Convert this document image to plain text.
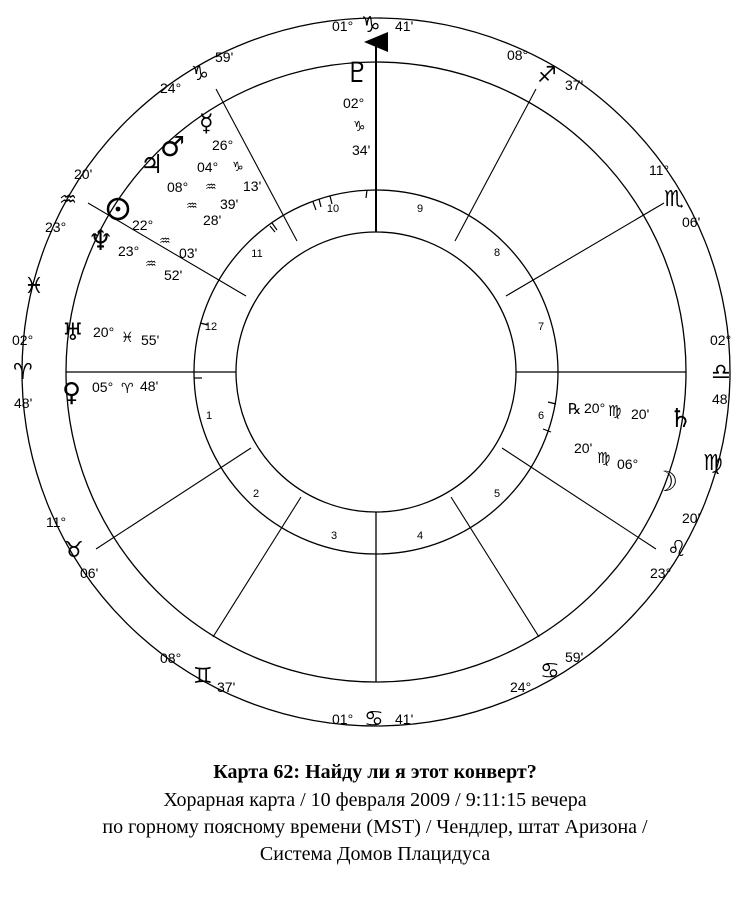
1
2
3	4
5
6
7
8
9
10
11
12
01° ♑ 41'
08°
♐ 37'
11°
♏
06'
02°
♎
48'
20'
♌
23°
♍
59'
♋
24°
01° ♋ 41'
08°
♊ 37'
11°
♉
06'
02°
♈
48'
♓
20'
♒
23°
59'
♑
24°	♇
02°
♑
34'
☿
26°
♑
13'
♂
04°
♒
39'
♃
08°
♒
28'
22°
♒
03'
♆ 23°
♒
52'
♅ 20° ♓ 55'
♀ 05° ♈ 48'
℞ 20° ♍ 20' ♄
20'
♍ 06°
☽
Карта 62: Найду ли я этот конверт?
Хорарная карта / 10 февраля 2009 / 9:11:15 вечера
по горному поясному времени (MST) / Чендлер, штат Аризона /
Система Домов Плацидуса
